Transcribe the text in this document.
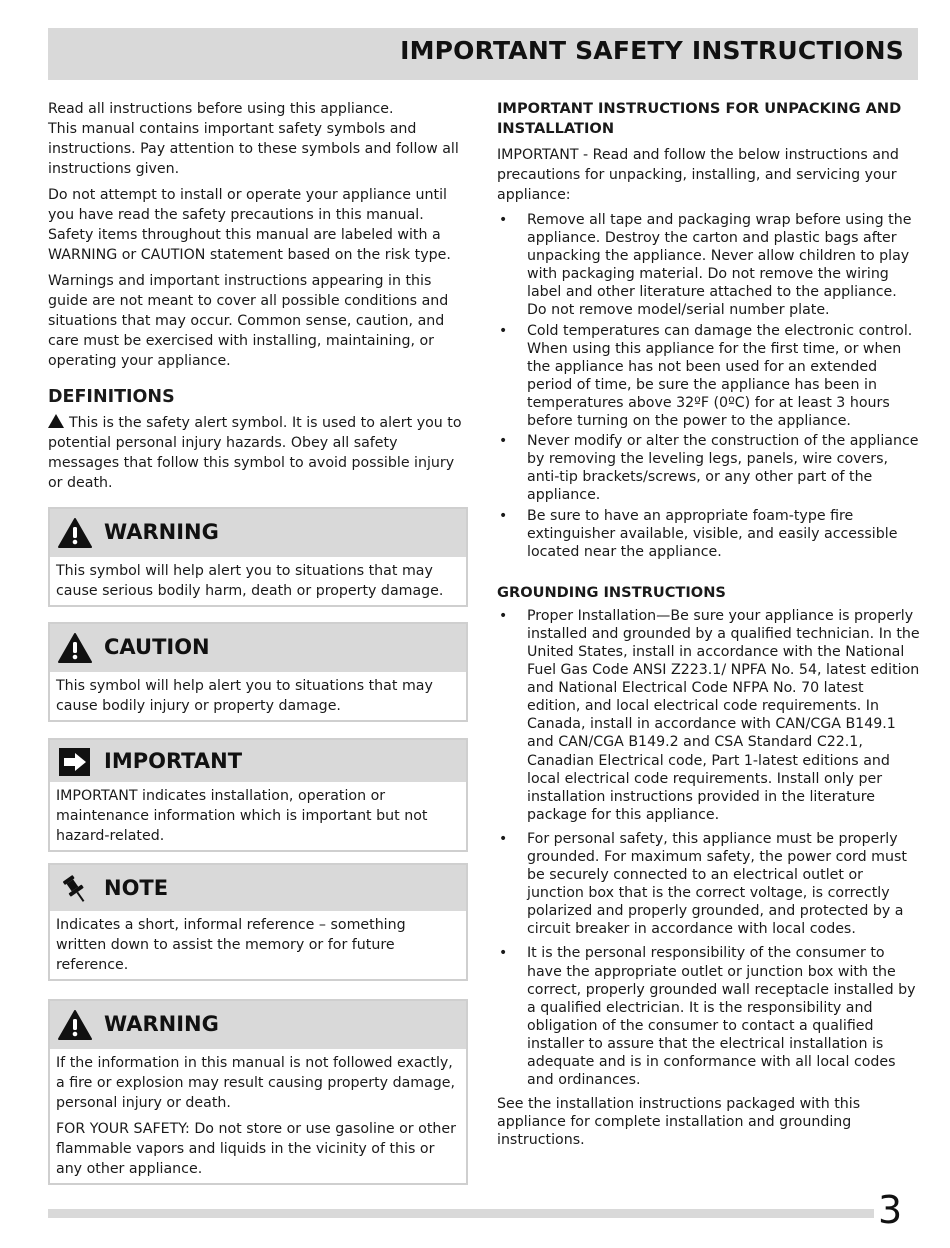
IMPORTANT SAFETY INSTRUCTIONS
Read all instructions before using this appliance.
This manual contains important safety symbols and instructions. Pay attention to these symbols and follow all instructions given.
Do not attempt to install or operate your appliance until you have read the safety precautions in this manual. Safety items throughout this manual are labeled with a WARNING or CAUTION statement based on the risk type.
Warnings and important instructions appearing in this guide are not meant to cover all possible conditions and situations that may occur. Common sense, caution, and care must be exercised with installing, maintaining, or operating your appliance.
DEFINITIONS
This is the safety alert symbol. It is used to alert you to potential personal injury hazards. Obey all safety messages that follow this symbol to avoid possible injury or death.
WARNING
This symbol will help alert you to situations that may cause serious bodily harm, death or property damage.
CAUTION
This symbol will help alert you to situations that may cause bodily injury or property damage.
IMPORTANT
IMPORTANT indicates installation, operation or maintenance information which is important but not hazard-related.
NOTE
Indicates a short, informal reference – something written down to assist the memory or for future reference.
WARNING
If the information in this manual is not followed exactly, a fire or explosion may result causing property damage, personal injury or death.
FOR YOUR SAFETY: Do not store or use gasoline or other flammable vapors and liquids in the vicinity of this or any other appliance.
IMPORTANT INSTRUCTIONS FOR UNPACKING AND INSTALLATION
IMPORTANT - Read and follow the below instructions and precautions for unpacking, installing, and servicing your appliance:
• Remove all tape and packaging wrap before using the appliance. Destroy the carton and plastic bags after unpacking the appliance. Never allow children to play with packaging material. Do not remove the wiring label and other literature attached to the appliance. Do not remove model/serial number plate.
• Cold temperatures can damage the electronic control. When using this appliance for the first time, or when the appliance has not been used for an extended period of time, be sure the appliance has been in temperatures above 32ºF (0ºC) for at least 3 hours before turning on the power to the appliance.
• Never modify or alter the construction of the appliance by removing the leveling legs, panels, wire covers, anti-tip brackets/screws, or any other part of the appliance.
• Be sure to have an appropriate foam-type fire extinguisher available, visible, and easily accessible located near the appliance.
GROUNDING INSTRUCTIONS
• Proper Installation—Be sure your appliance is properly installed and grounded by a qualified technician. In the United States, install in accordance with the National Fuel Gas Code ANSI Z223.1/ NPFA No. 54, latest edition and National Electrical Code NFPA No. 70 latest edition, and local electrical code requirements. In Canada, install in accordance with CAN/CGA B149.1 and CAN/CGA B149.2 and CSA Standard C22.1, Canadian Electrical code, Part 1-latest editions and local electrical code requirements. Install only per installation instructions provided in the literature package for this appliance.
• For personal safety, this appliance must be properly grounded. For maximum safety, the power cord must be securely connected to an electrical outlet or junction box that is the correct voltage, is correctly polarized and properly grounded, and protected by a circuit breaker in accordance with local codes.
• It is the personal responsibility of the consumer to have the appropriate outlet or junction box with the correct, properly grounded wall receptacle installed by a qualified electrician. It is the responsibility and obligation of the consumer to contact a qualified installer to assure that the electrical installation is adequate and is in conformance with all local codes and ordinances.
See the installation instructions packaged with this appliance for complete installation and grounding instructions.
3
